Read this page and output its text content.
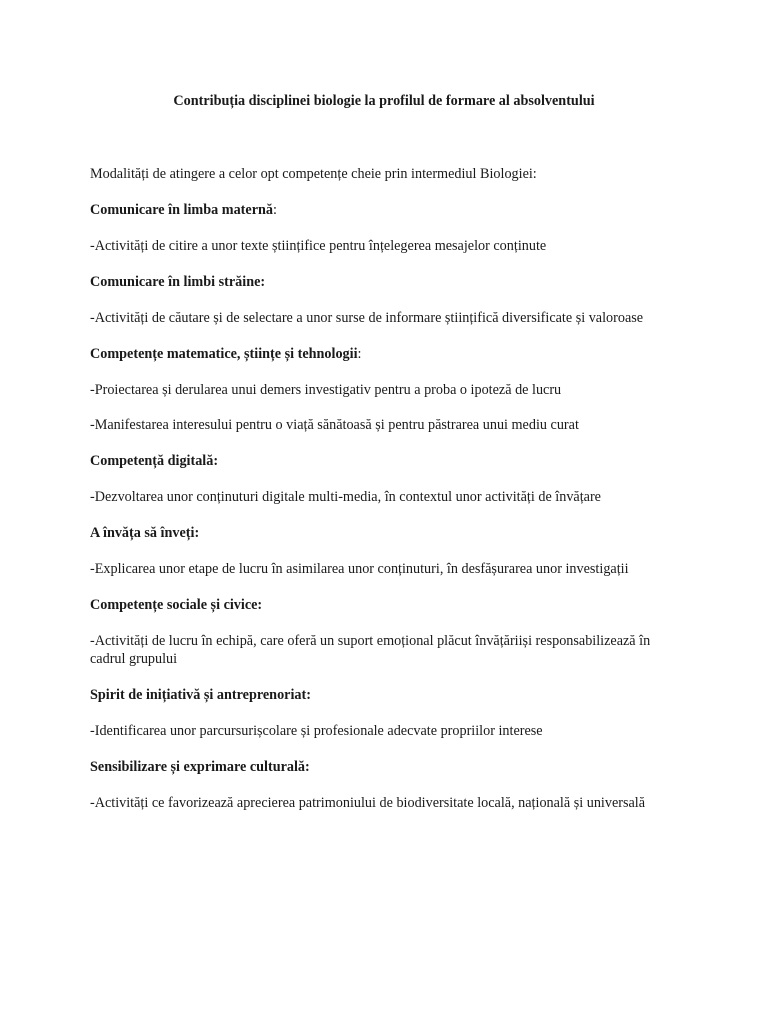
Contribuția disciplinei biologie la profilul de formare al absolventului
Modalități de atingere a celor opt competențe cheie prin intermediul Biologiei:
Comunicare în limba maternă:
-Activități de citire a unor texte științifice pentru înțelegerea mesajelor conținute
Comunicare în limbi străine:
-Activități de căutare și de selectare a unor surse de informare științifică diversificate și valoroase
Competențe matematice, științe și tehnologii:
-Proiectarea și derularea unui demers investigativ pentru a proba o ipoteză de lucru
-Manifestarea interesului pentru o viață sănătoasă și pentru păstrarea unui mediu curat
Competență digitală:
-Dezvoltarea unor conținuturi digitale multi-media, în contextul unor activități de învățare
A învăța să înveți:
-Explicarea unor etape de lucru în asimilarea unor conținuturi, în desfășurarea unor investigații
Competențe sociale și civice:
-Activități de lucru în echipă, care oferă un suport emoțional plăcut învățăriiși responsabilizează în cadrul grupului
Spirit de inițiativă și antreprenoriat:
-Identificarea unor parcursurișcolare și profesionale adecvate propriilor interese
Sensibilizare și exprimare culturală:
-Activități ce favorizează aprecierea patrimoniului de biodiversitate locală, națională și universală
